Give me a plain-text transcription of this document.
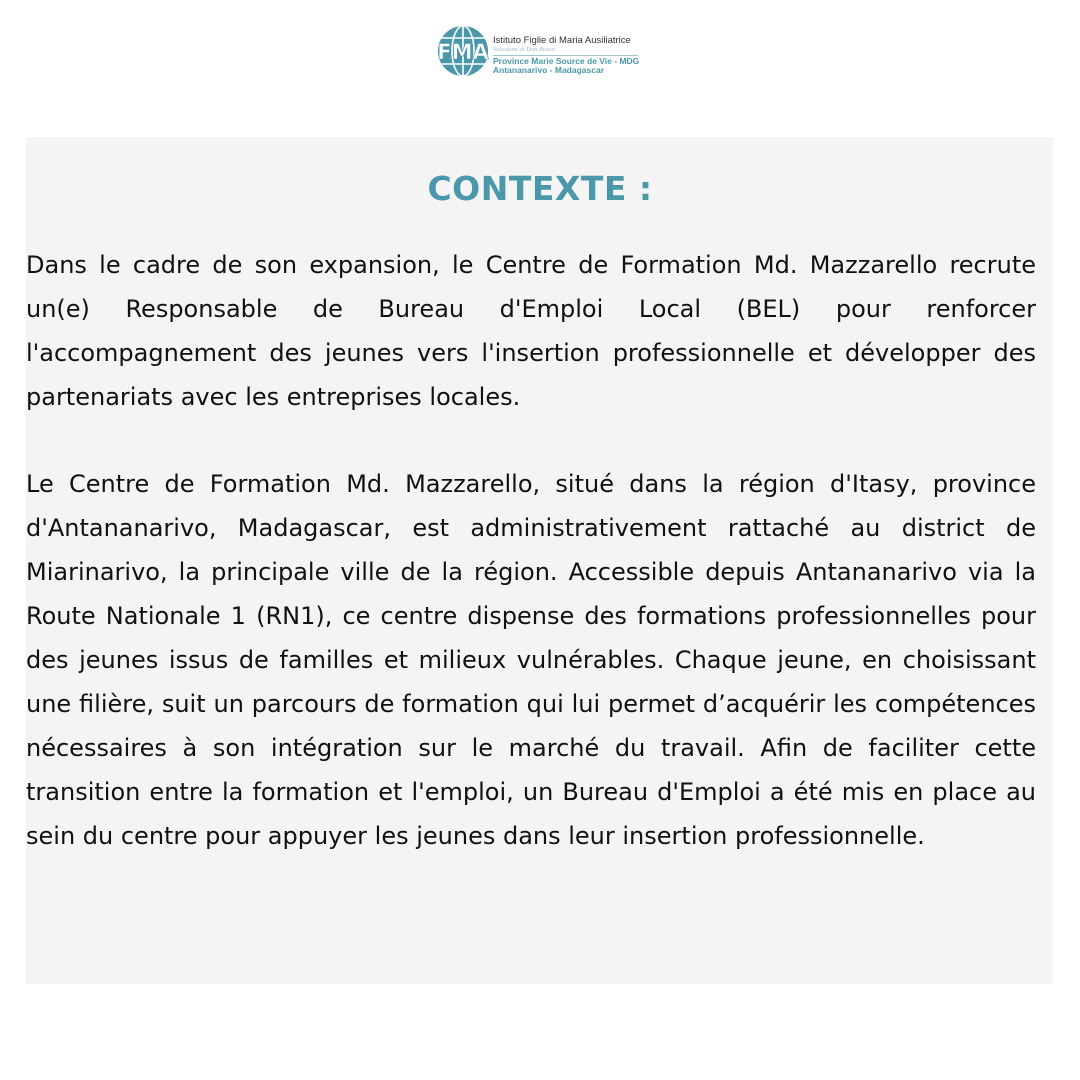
FMA Istituto Figlie di Maria Ausiliatrice
Salesiane di Don Bosco
Province Marie Source de Vie - MDG
Antananarivo - Madagascar
CONTEXTE :

Dans le cadre de son expansion, le Centre de Formation Md. Mazzarello recrute un(e) Responsable de Bureau d'Emploi Local (BEL) pour renforcer l'accompagnement des jeunes vers l'insertion professionnelle et développer des partenariats avec les entreprises locales.

Le Centre de Formation Md. Mazzarello, situé dans la région d'Itasy, province d'Antananarivo, Madagascar, est administrativement rattaché au district de Miarinarivo, la principale ville de la région. Accessible depuis Antananarivo via la Route Nationale 1 (RN1), ce centre dispense des formations professionnelles pour des jeunes issus de familles et milieux vulnérables. Chaque jeune, en choisissant une filière, suit un parcours de formation qui lui permet d’acquérir les compétences nécessaires à son intégration sur le marché du travail. Afin de faciliter cette transition entre la formation et l'emploi, un Bureau d'Emploi a été mis en place au sein du centre pour appuyer les jeunes dans leur insertion professionnelle.
